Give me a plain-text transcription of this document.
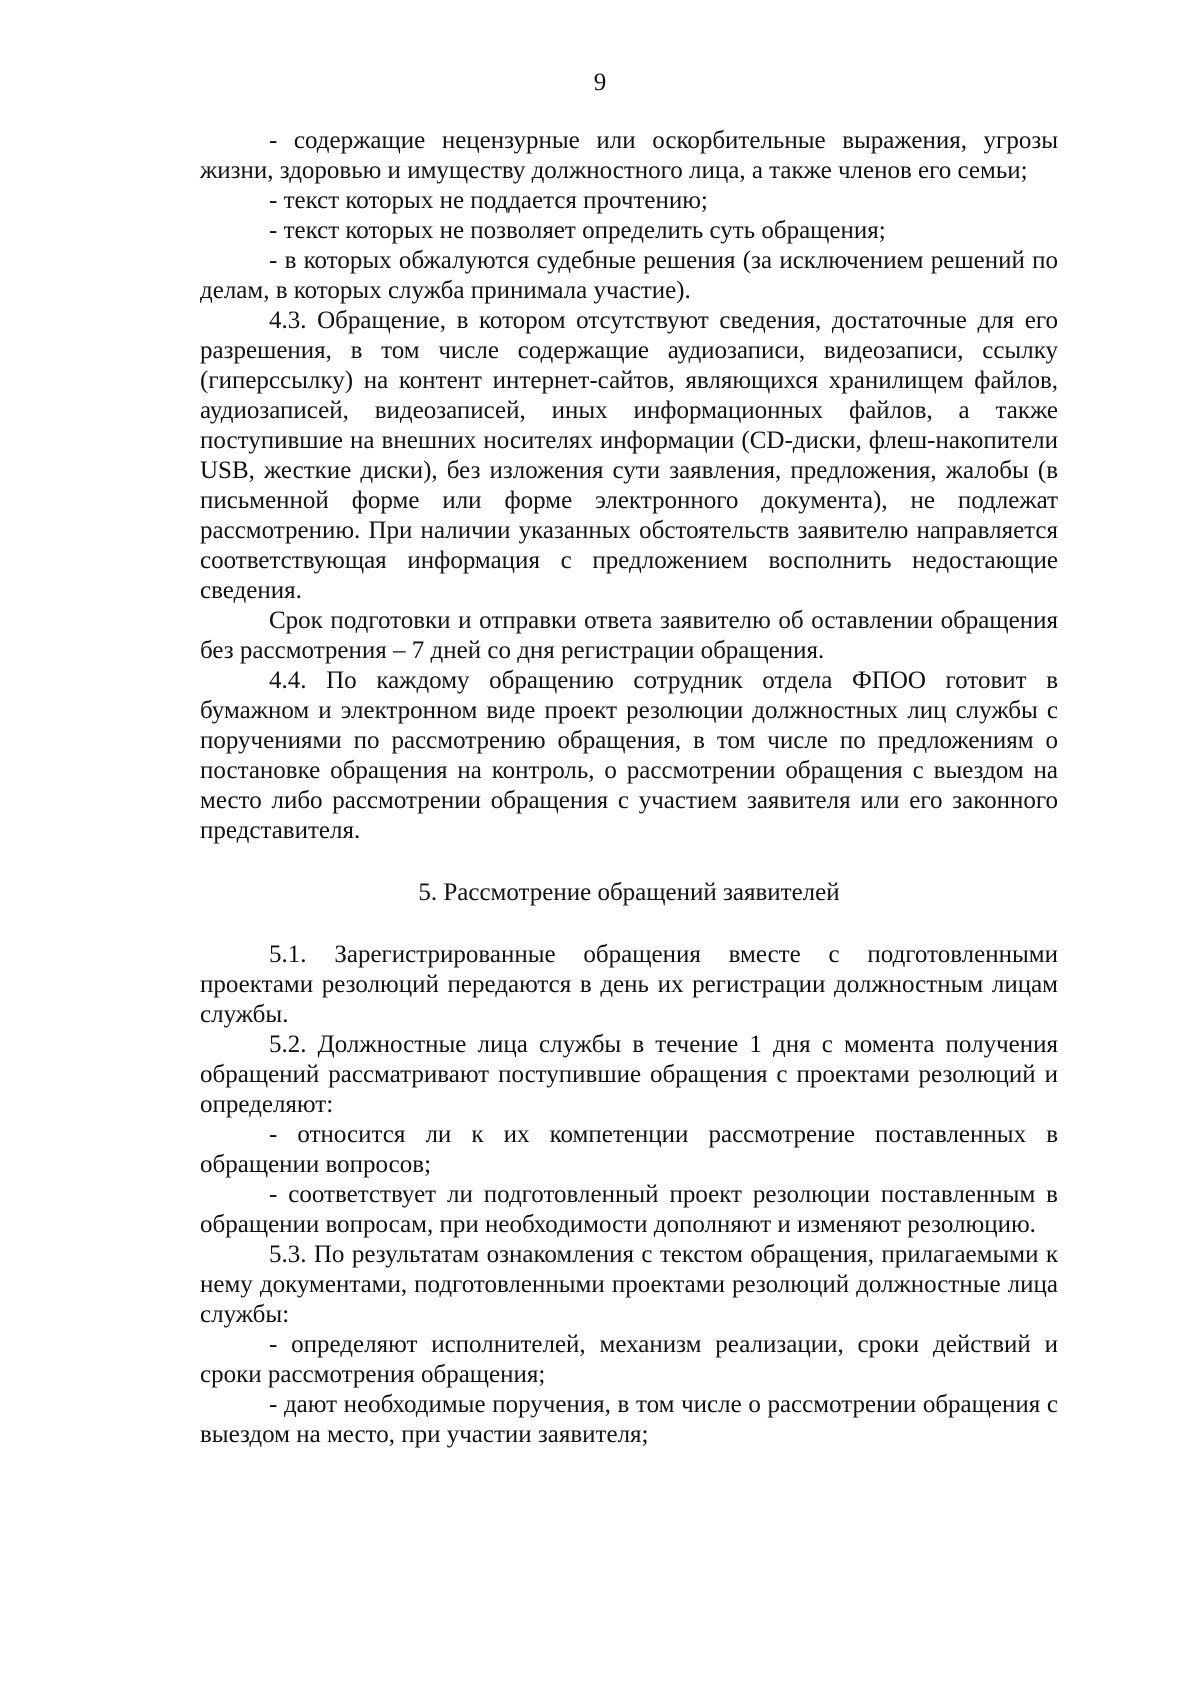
9

- содержащие нецензурные или оскорбительные выражения, угрозы жизни, здоровью и имуществу должностного лица, а также членов его семьи;

- текст которых не поддается прочтению;

- текст которых не позволяет определить суть обращения;

- в которых обжалуются судебные решения (за исключением решений по делам, в которых служба принимала участие).

4.3. Обращение, в котором отсутствуют сведения, достаточные для его разрешения, в том числе содержащие аудиозаписи, видеозаписи, ссылку (гиперссылку) на контент интернет-сайтов, являющихся хранилищем файлов, аудиозаписей, видеозаписей, иных информационных файлов, а также поступившие на внешних носителях информации (CD-диски, флеш-накопители USB, жесткие диски), без изложения сути заявления, предложения, жалобы (в письменной форме или форме электронного документа), не подлежат рассмотрению. При наличии указанных обстоятельств заявителю направляется соответствующая информация с предложением восполнить недостающие сведения.

Срок подготовки и отправки ответа заявителю об оставлении обращения без рассмотрения – 7 дней со дня регистрации обращения.

4.4. По каждому обращению сотрудник отдела ФПОО готовит в бумажном и электронном виде проект резолюции должностных лиц службы с поручениями по рассмотрению обращения, в том числе по предложениям о постановке обращения на контроль, о рассмотрении обращения с выездом на место либо рассмотрении обращения с участием заявителя или его законного представителя.

5. Рассмотрение обращений заявителей

5.1. Зарегистрированные обращения вместе с подготовленными проектами резолюций передаются в день их регистрации должностным лицам службы.

5.2. Должностные лица службы в течение 1 дня с момента получения обращений рассматривают поступившие обращения с проектами резолюций и определяют:

- относится ли к их компетенции рассмотрение поставленных в обращении вопросов;

- соответствует ли подготовленный проект резолюции поставленным в обращении вопросам, при необходимости дополняют и изменяют резолюцию.

5.3. По результатам ознакомления с текстом обращения, прилагаемыми к нему документами, подготовленными проектами резолюций должностные лица службы:

- определяют исполнителей, механизм реализации, сроки действий и сроки рассмотрения обращения;

- дают необходимые поручения, в том числе о рассмотрении обращения с выездом на место, при участии заявителя;
